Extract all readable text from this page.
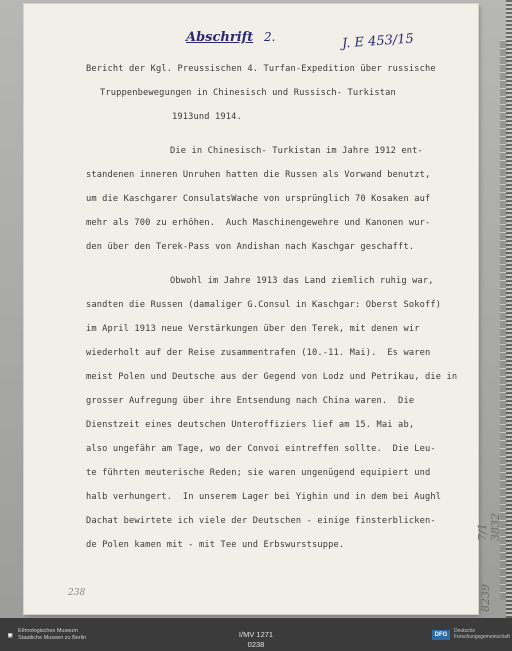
Abschrift 2.	J. E 453/15
Bericht der Kgl. Preussischen 4. Turfan-Expedition über russische
Truppenbewegungen in Chinesisch und Russisch- Turkistan
1913und 1914.
Die in Chinesisch- Turkistan im Jahre 1912 ent-
standenen inneren Unruhen hatten die Russen als Vorwand benutzt,
um die Kaschgarer ConsulatsWache von ursprünglich 70 Kosaken auf
mehr als 700 zu erhöhen.  Auch Maschinengewehre und Kanonen wur-
den über den Terek-Pass von Andishan nach Kaschgar geschafft.
Obwohl im Jahre 1913 das Land ziemlich ruhig war,
sandten die Russen (damaliger G.Consul in Kaschgar: Oberst Sokoff)
im April 1913 neue Verstärkungen über den Terek, mit denen wir
wiederholt auf der Reise zusammentrafen (10.-11. Mai).  Es waren
meist Polen und Deutsche aus der Gegend von Lodz und Petrikau, die in
grosser Aufregung über ihre Entsendung nach China waren.  Die
Dienstzeit eines deutschen Unteroffiziers lief am 15. Mai ab,
also ungefähr am Tage, wo der Convoi eintreffen sollte.  Die Leu-
te führten meuterische Reden; sie waren ungenügend equipiert und
halb verhungert.  In unserem Lager bei Yighin und in dem bei Aughl
Dachat bewirtete ich viele der Deutschen - einige finsterblicken-
de Polen kamen mit - mit Tee und Erbswurstsuppe.
7/1 3832
8239
238
▣	Ethnologisches Museum
Staatliche Museen zu Berlin	I/MV 1271
0238
DFG
Deutsche
Forschungsgemeinschaft
